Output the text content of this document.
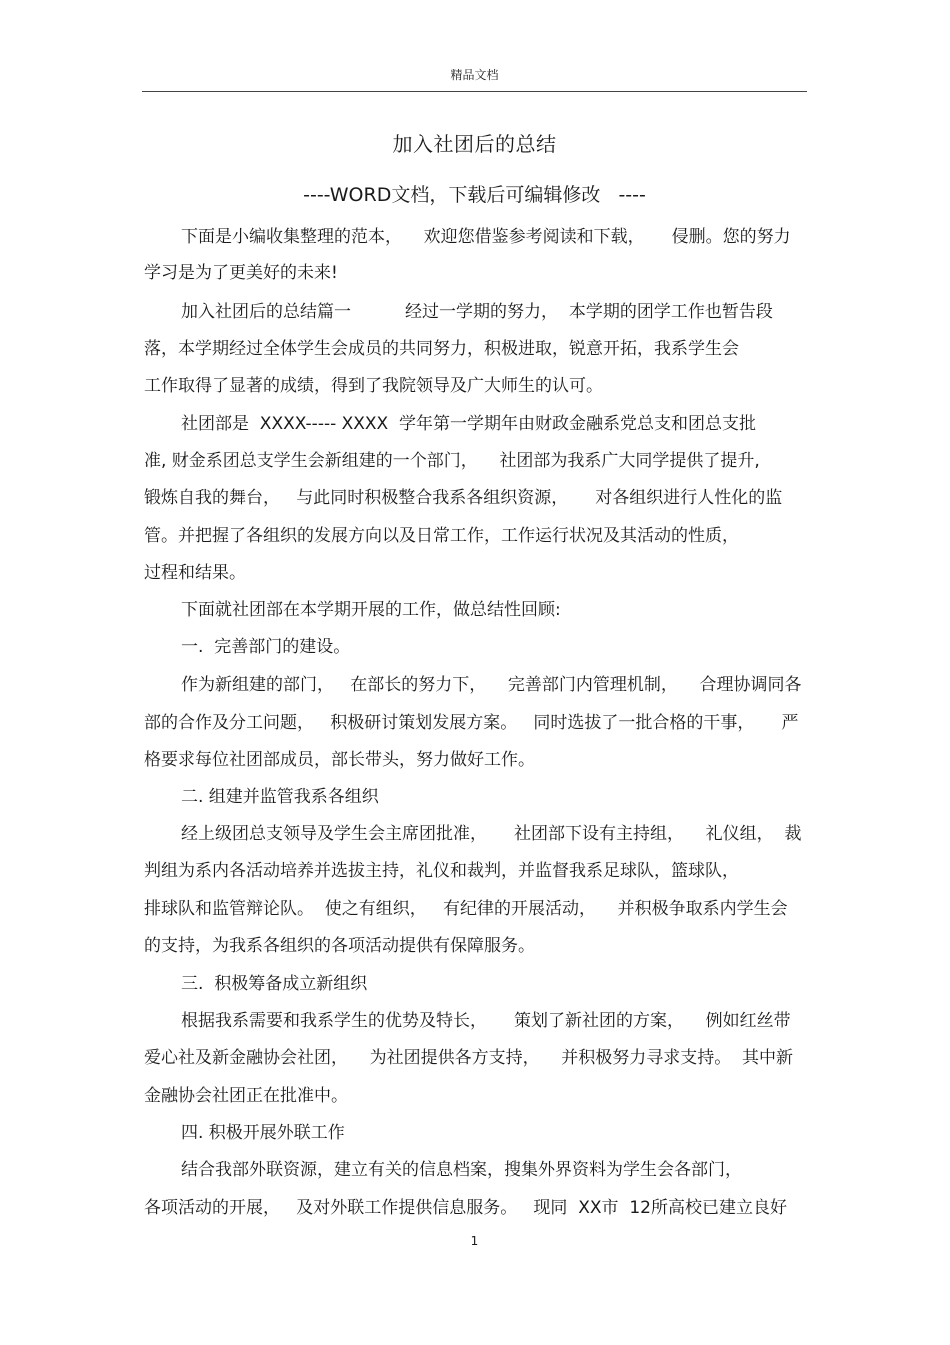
精品文档
加入社团后的总结
----WORD文档，下载后可编辑修改   ----
下面是小编收集整理的范本，    欢迎您借鉴参考阅读和下载，     侵删。您的努力
学习是为了更美好的未来!
加入社团后的总结篇一          经过一学期的努力，  本学期的团学工作也暂告段
落，本学期经过全体学生会成员的共同努力，积极进取，锐意开拓，我系学生会
工作取得了显著的成绩，得到了我院领导及广大师生的认可。
社团部是  XXXX----- XXXX  学年第一学期年由财政金融系党总支和团总支批
准, 财金系团总支学生会新组建的一个部门，    社团部为我系广大同学提供了提升,
锻炼自我的舞台，   与此同时积极整合我系各组织资源，     对各组织进行人性化的监
管。并把握了各组织的发展方向以及日常工作，工作运行状况及其活动的性质，
过程和结果。
下面就社团部在本学期开展的工作，做总结性回顾:
一.  完善部门的建设。
作为新组建的部门，   在部长的努力下，    完善部门内管理机制，    合理协调同各
部的合作及分工问题，   积极研讨策划发展方案。   同时选拔了一批合格的干事，     严
格要求每位社团部成员，部长带头，努力做好工作。
二. 组建并监管我系各组织
经上级团总支领导及学生会主席团批准，     社团部下设有主持组，    礼仪组，  裁
判组为系内各活动培养并选拔主持，礼仪和裁判，并监督我系足球队，篮球队，
排球队和监管辩论队。  使之有组织，   有纪律的开展活动，    并积极争取系内学生会
的支持，为我系各组织的各项活动提供有保障服务。
三.  积极筹备成立新组织
根据我系需要和我系学生的优势及特长，     策划了新社团的方案，    例如红丝带
爱心社及新金融协会社团，    为社团提供各方支持，    并积极努力寻求支持。  其中新
金融协会社团正在批准中。
四. 积极开展外联工作
结合我部外联资源，建立有关的信息档案，搜集外界资料为学生会各部门，
各项活动的开展，   及对外联工作提供信息服务。   现同  XX市  12所高校已建立良好
1
